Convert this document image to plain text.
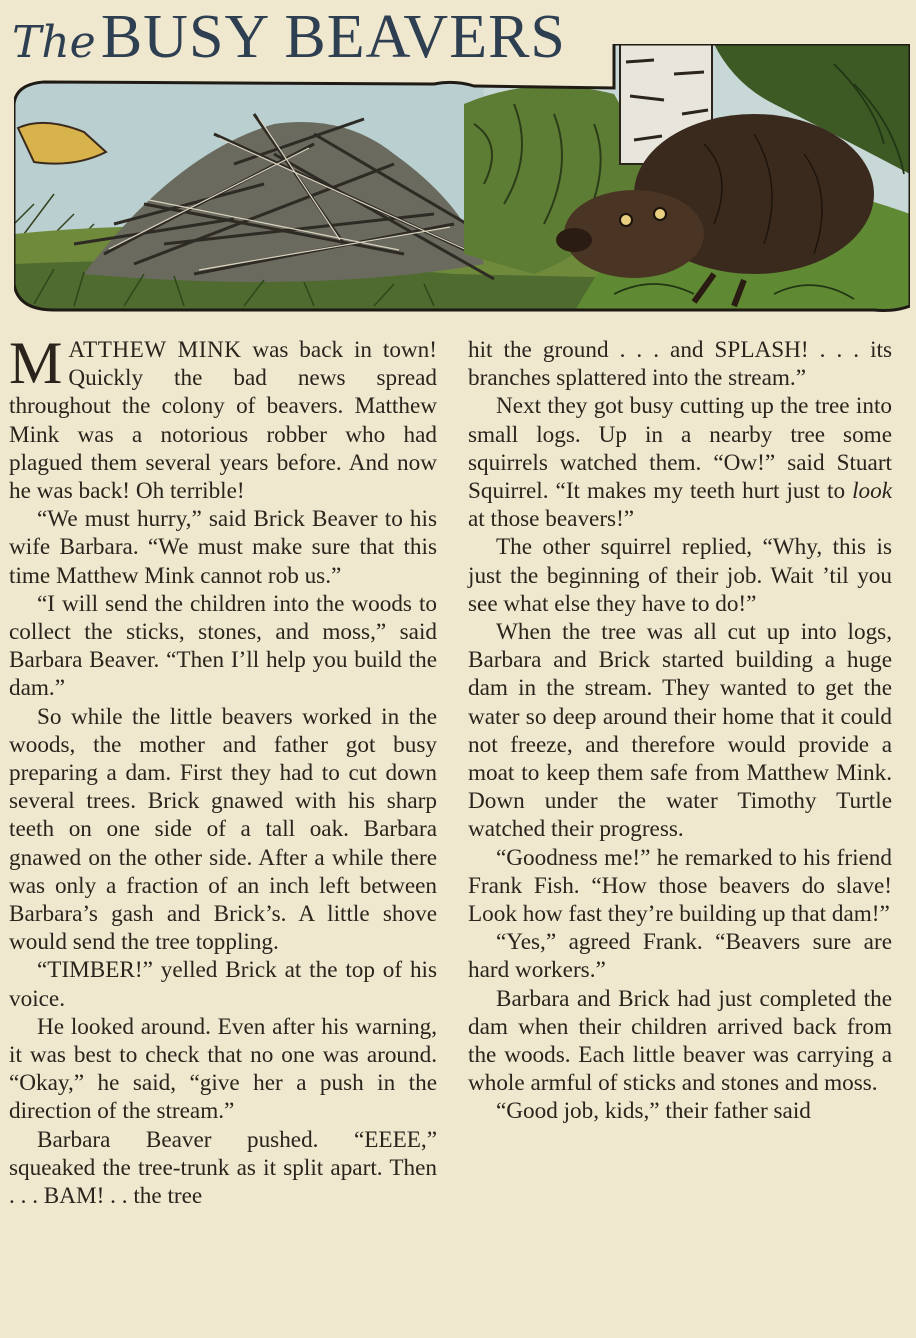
The BUSY BEAVERS

MATTHEW MINK was back in town! Quickly the bad news spread throughout the colony of beavers. Matthew Mink was a notorious robber who had plagued them several years before. And now he was back! Oh terrible!

“We must hurry,” said Brick Beaver to his wife Barbara. “We must make sure that this time Matthew Mink cannot rob us.”

“I will send the children into the woods to collect the sticks, stones, and moss,” said Barbara Beaver. “Then I’ll help you build the dam.”

So while the little beavers worked in the woods, the mother and father got busy preparing a dam. First they had to cut down several trees. Brick gnawed with his sharp teeth on one side of a tall oak. Barbara gnawed on the other side. After a while there was only a fraction of an inch left between Barbara’s gash and Brick’s. A little shove would send the tree toppling.

“TIMBER!” yelled Brick at the top of his voice.

He looked around. Even after his warning, it was best to check that no one was around. “Okay,” he said, “give her a push in the direction of the stream.”

Barbara Beaver pushed. “EEEE,” squeaked the tree-trunk as it split apart. Then . . . BAM! . . the tree

hit the ground . . . and SPLASH! . . . its branches splattered into the stream.”

Next they got busy cutting up the tree into small logs. Up in a nearby tree some squirrels watched them. “Ow!” said Stuart Squirrel. “It makes my teeth hurt just to look at those beavers!”

The other squirrel replied, “Why, this is just the beginning of their job. Wait ’til you see what else they have to do!”

When the tree was all cut up into logs, Barbara and Brick started building a huge dam in the stream. They wanted to get the water so deep around their home that it could not freeze, and therefore would provide a moat to keep them safe from Matthew Mink. Down under the water Timothy Turtle watched their progress.

“Goodness me!” he remarked to his friend Frank Fish. “How those beavers do slave! Look how fast they’re building up that dam!”

“Yes,” agreed Frank. “Beavers sure are hard workers.”

Barbara and Brick had just completed the dam when their children arrived back from the woods. Each little beaver was carrying a whole armful of sticks and stones and moss.

“Good job, kids,” their father said
